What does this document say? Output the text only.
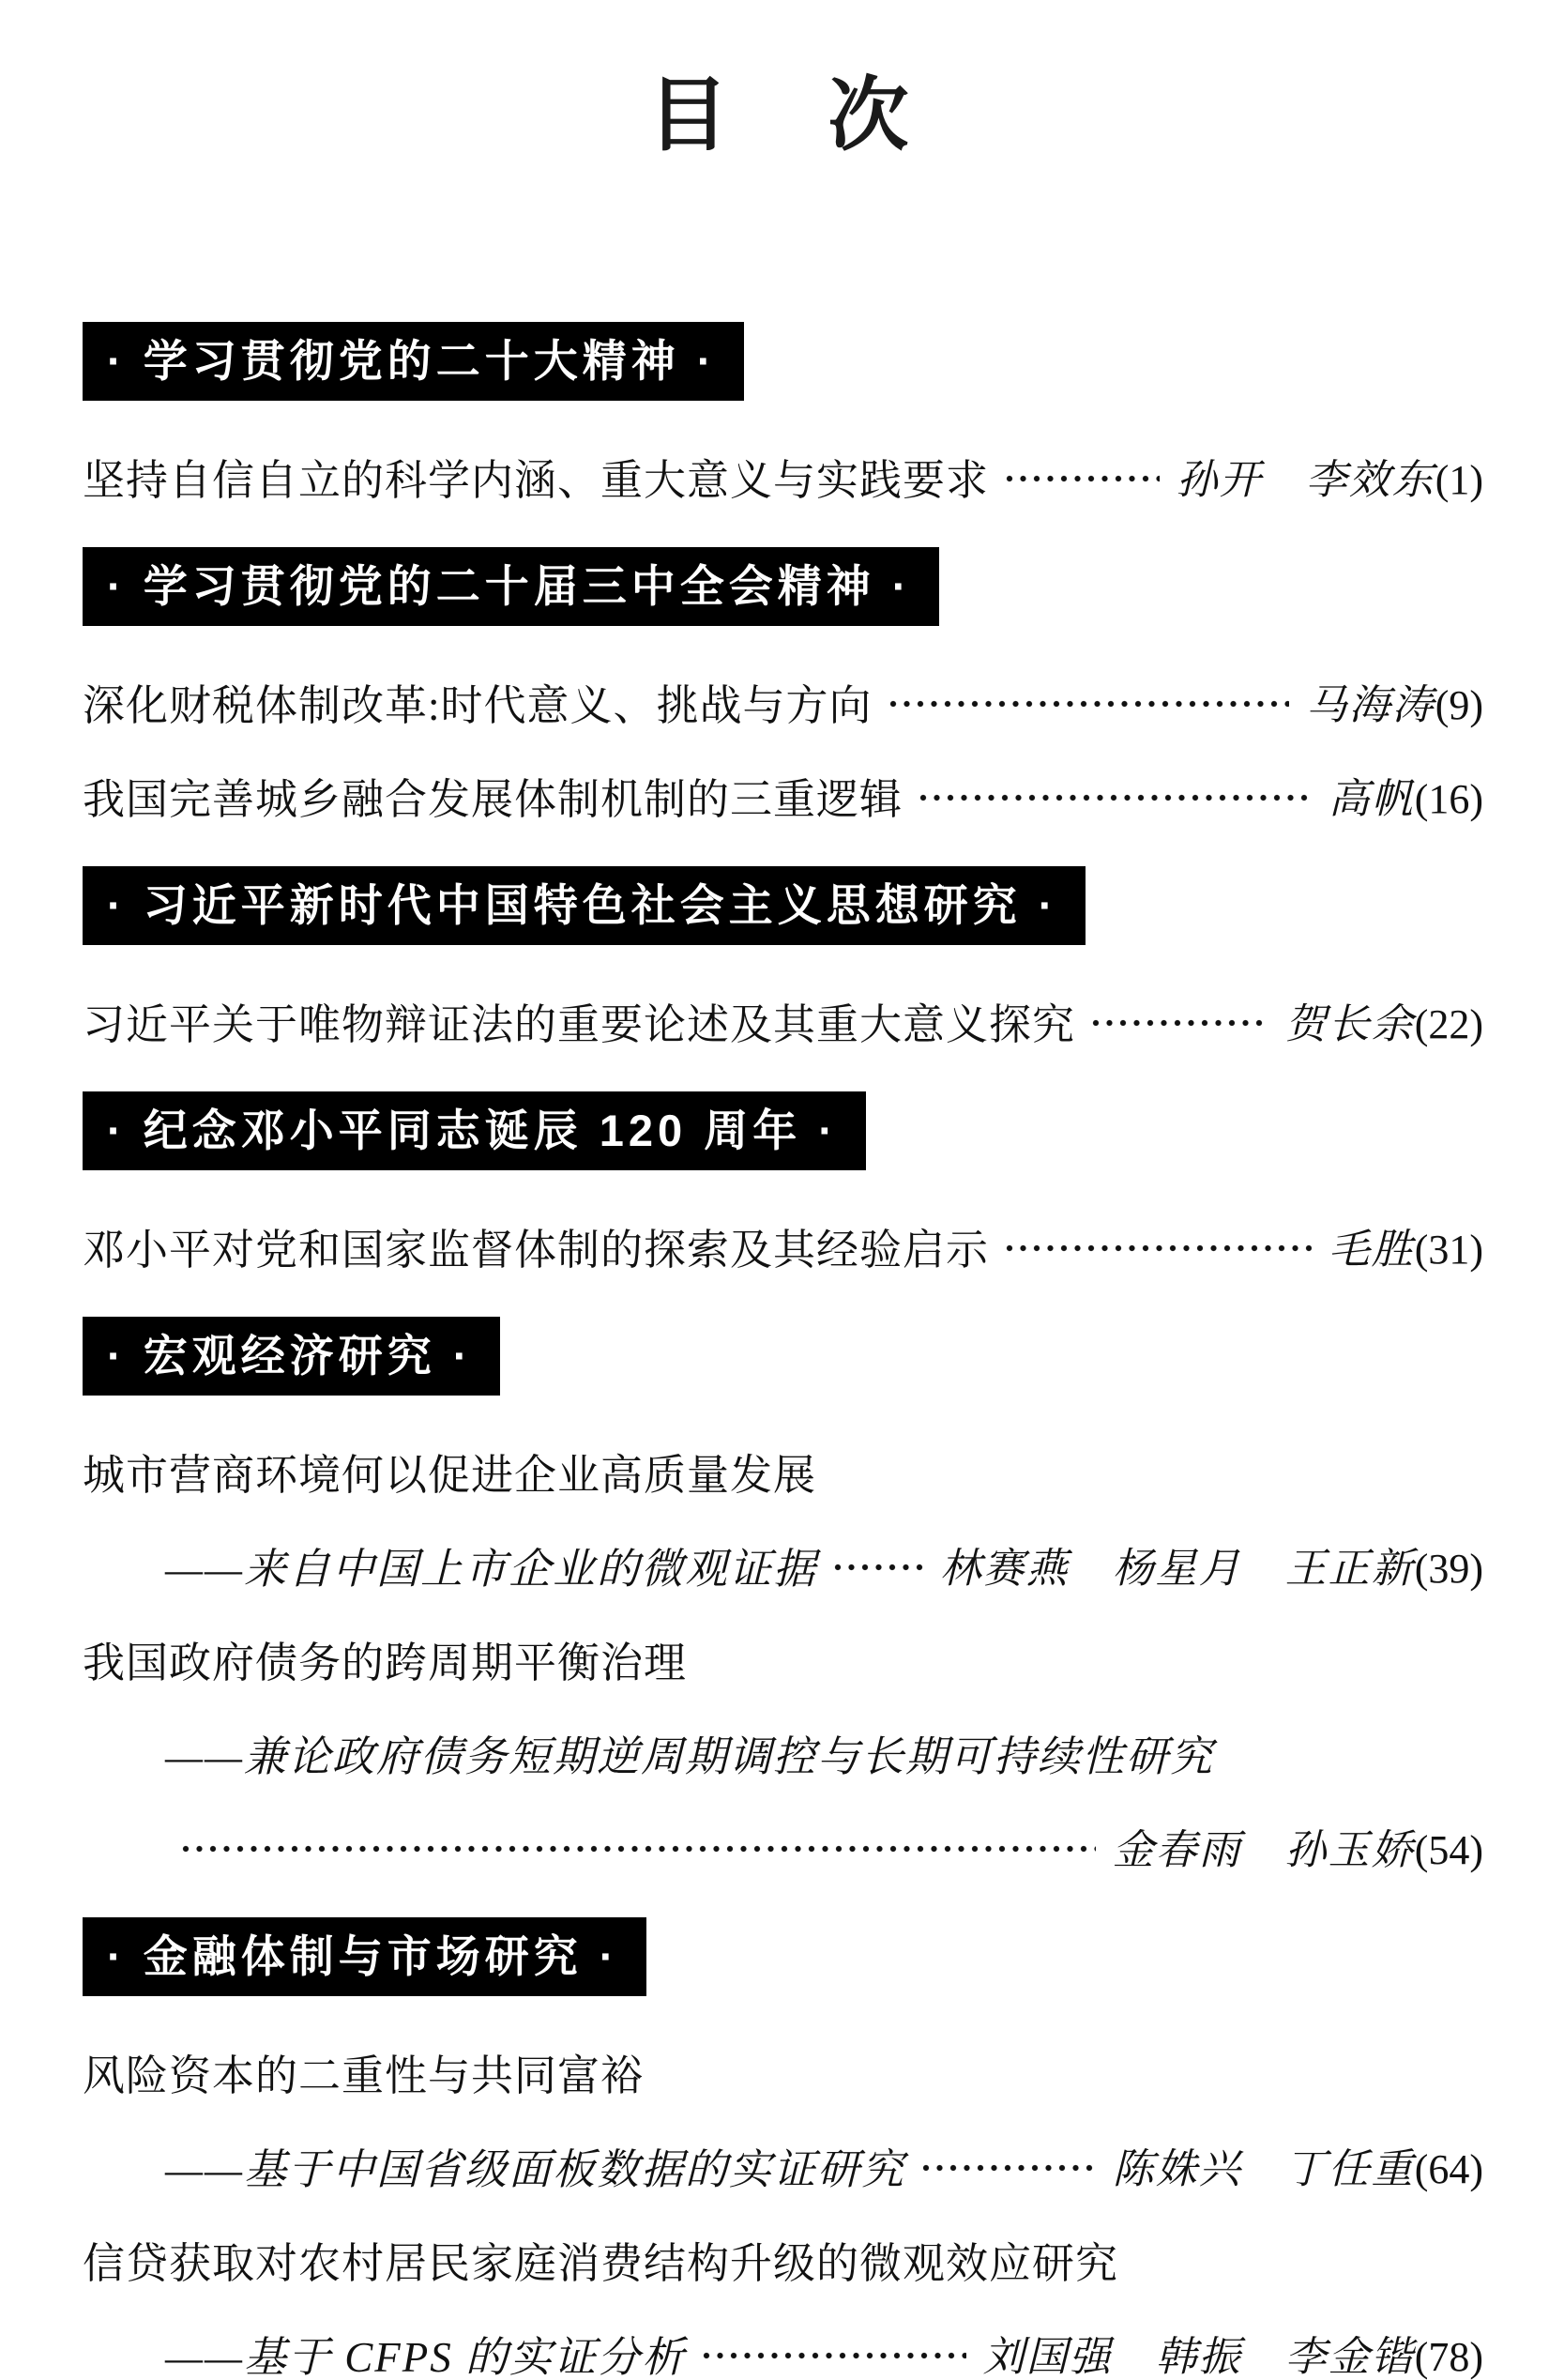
目　次
· 学习贯彻党的二十大精神 ·
坚持自信自立的科学内涵、重大意义与实践要求	孙开　李效东(1)
· 学习贯彻党的二十届三中全会精神 ·
深化财税体制改革:时代意义、挑战与方向	马海涛(9)
我国完善城乡融合发展体制机制的三重逻辑	高帆(16)
· 习近平新时代中国特色社会主义思想研究 ·
习近平关于唯物辩证法的重要论述及其重大意义探究	贺长余(22)
· 纪念邓小平同志诞辰 120 周年 ·
邓小平对党和国家监督体制的探索及其经验启示	毛胜(31)
· 宏观经济研究 ·
城市营商环境何以促进企业高质量发展
——来自中国上市企业的微观证据	林赛燕　杨星月　王正新(39)
我国政府债务的跨周期平衡治理
——兼论政府债务短期逆周期调控与长期可持续性研究
金春雨　孙玉娇(54)
· 金融体制与市场研究 ·
风险资本的二重性与共同富裕
——基于中国省级面板数据的实证研究	陈姝兴　丁任重(64)
信贷获取对农村居民家庭消费结构升级的微观效应研究
——基于 CFPS 的实证分析	刘国强　韩振　李金锴(78)
